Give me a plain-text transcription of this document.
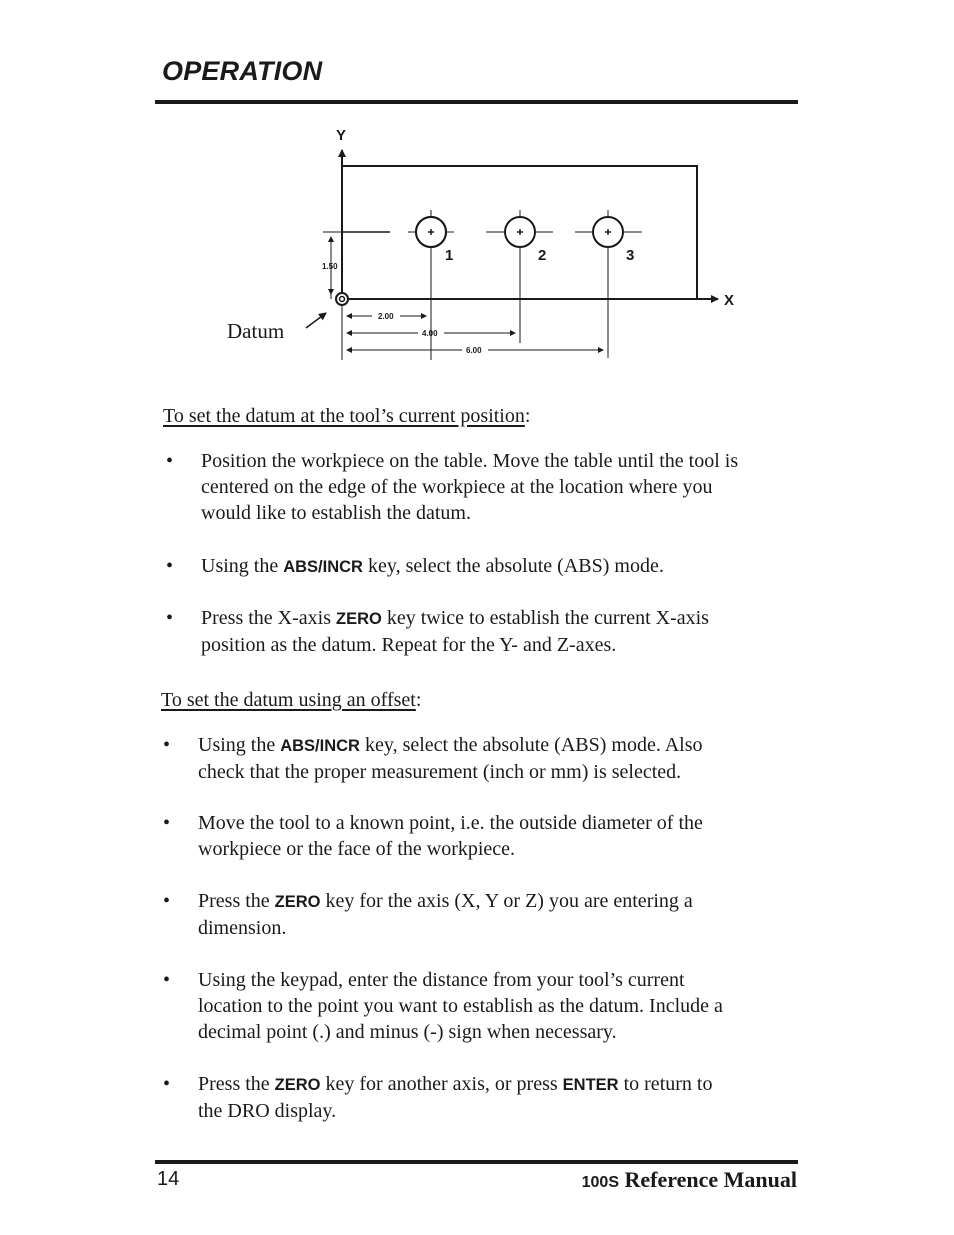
OPERATION
Y
X
1	2	3
1.50
2.00
4.00
6.00
Datum
To set the datum at the tool’s current position:
• Position the workpiece on the table. Move the table until the tool is
centered on the edge of the workpiece at the location where you
would like to establish the datum.
• Using the ABS/INCR key, select the absolute (ABS) mode.
• Press the X-axis ZERO key twice to establish the current X-axis
position as the datum. Repeat for the Y- and Z-axes.
To set the datum using an offset:
• Using the ABS/INCR key, select the absolute (ABS) mode. Also
check that the proper measurement (inch or mm) is selected.
• Move the tool to a known point, i.e. the outside diameter of the
workpiece or the face of the workpiece.
• Press the ZERO key for the axis (X, Y or Z) you are entering a
dimension.
• Using the keypad, enter the distance from your tool’s current
location to the point you want to establish as the datum. Include a
decimal point (.) and minus (-) sign when necessary.
• Press the ZERO key for another axis, or press ENTER to return to
the DRO display.
14	100S Reference Manual
